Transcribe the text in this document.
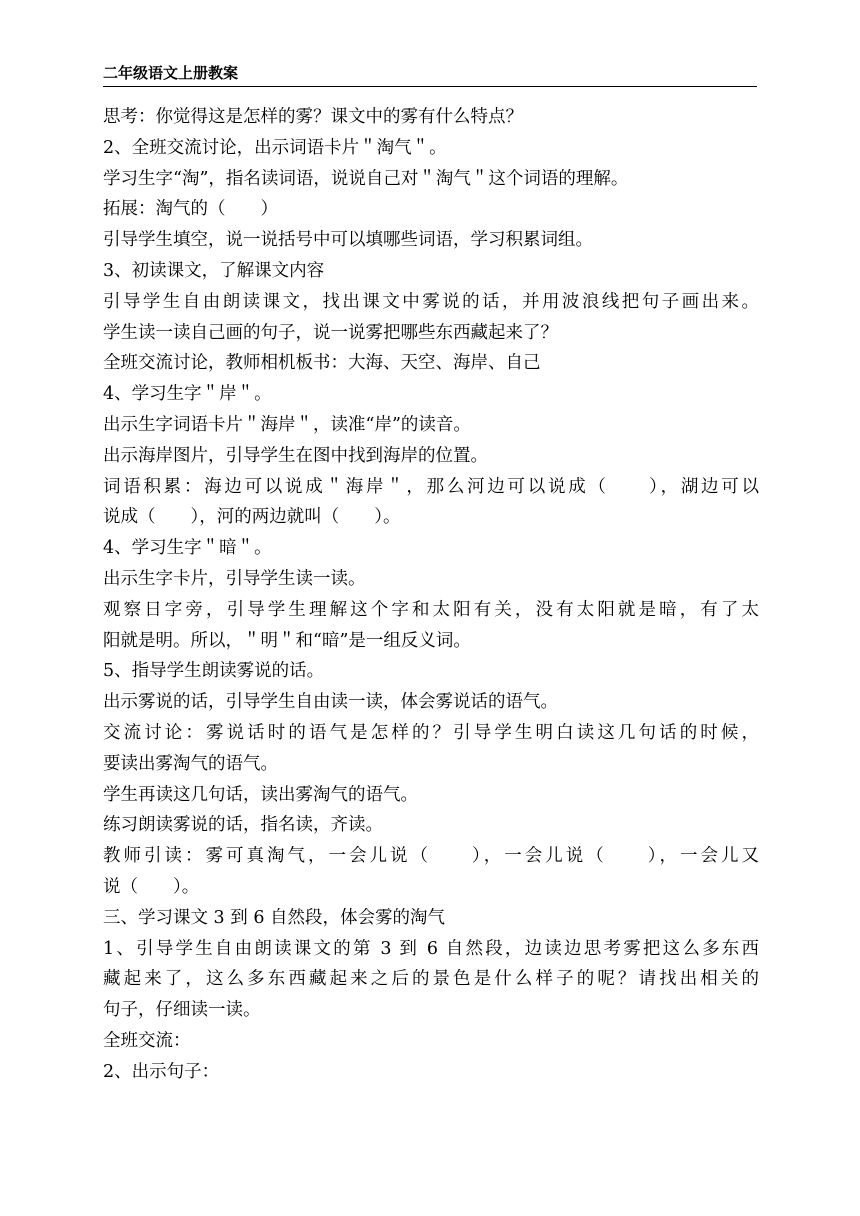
二年级语文上册教案
思考：你觉得这是怎样的雾？课文中的雾有什么特点？
2、全班交流讨论，出示词语卡片＂淘气＂。
学习生字“淘”，指名读词语，说说自己对＂淘气＂这个词语的理解。
拓展：淘气的（　　）
引导学生填空，说一说括号中可以填哪些词语，学习积累词组。
3、初读课文，了解课文内容
引导学生自由朗读课文，找出课文中雾说的话，并用波浪线把句子画出来。
学生读一读自己画的句子，说一说雾把哪些东西藏起来了？
全班交流讨论，教师相机板书：大海、天空、海岸、自己
4、学习生字＂岸＂。
出示生字词语卡片＂海岸＂，读准“岸”的读音。
出示海岸图片，引导学生在图中找到海岸的位置。
词语积累：海边可以说成＂海岸＂，那么河边可以说成（　　），湖边可以
说成（　　），河的两边就叫（　　）。
4、学习生字＂暗＂。
出示生字卡片，引导学生读一读。
观察日字旁，引导学生理解这个字和太阳有关，没有太阳就是暗，有了太
阳就是明。所以，＂明＂和“暗”是一组反义词。
5、指导学生朗读雾说的话。
出示雾说的话，引导学生自由读一读，体会雾说话的语气。
交流讨论：雾说话时的语气是怎样的？引导学生明白读这几句话的时候，
要读出雾淘气的语气。
学生再读这几句话，读出雾淘气的语气。
练习朗读雾说的话，指名读，齐读。
教师引读：雾可真淘气，一会儿说（　　），一会儿说（　　），一会儿又
说（　　）。
三、学习课文 3 到 6 自然段，体会雾的淘气
1、引导学生自由朗读课文的第 3 到 6 自然段，边读边思考雾把这么多东西
藏起来了，这么多东西藏起来之后的景色是什么样子的呢？请找出相关的
句子，仔细读一读。
全班交流：
2、出示句子：
